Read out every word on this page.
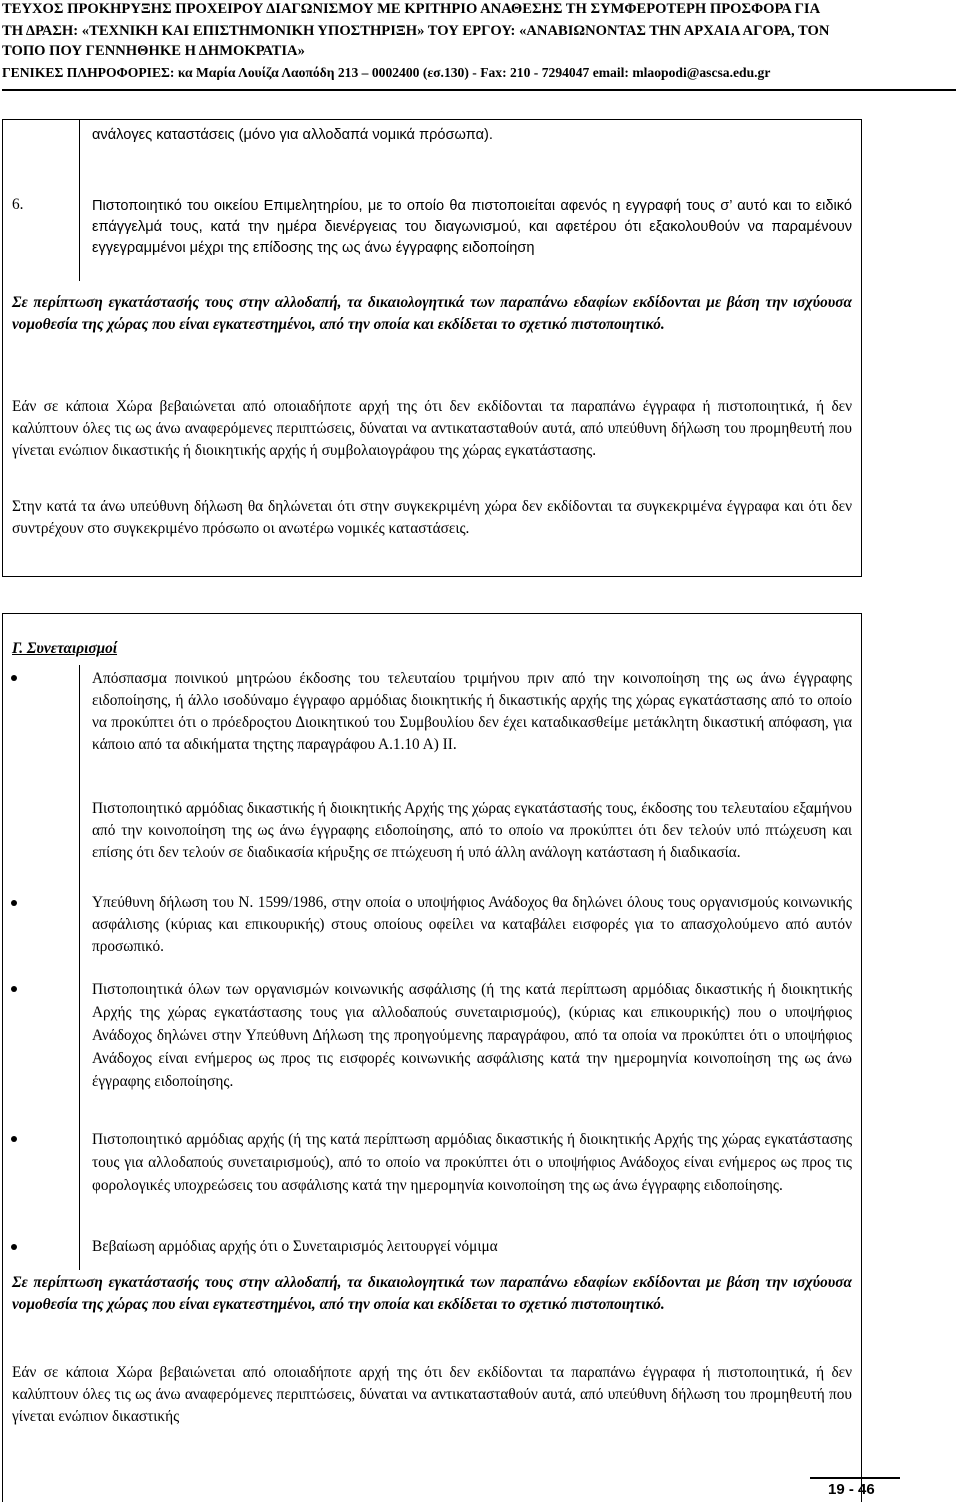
ΤΕΥΧΟΣ ΠΡΟΚΗΡΥΞΗΣ ΠΡΟΧΕΙΡΟΥ ΔΙΑΓΩΝΙΣΜΟΥ ΜΕ ΚΡΙΤΗΡΙΟ ΑΝΑΘΕΣΗΣ ΤΗ ΣΥΜΦΕΡΟΤΕΡΗ ΠΡΟΣΦΟΡΑ ΓΙΑ
ΤΗ ΔΡΑΣΗ: «ΤΕΧΝΙΚΗ ΚΑΙ ΕΠΙΣΤΗΜΟΝΙΚΗ ΥΠΟΣΤΗΡΙΞΗ» ΤΟΥ ΕΡΓΟΥ: «ΑΝΑΒΙΩΝΟΝΤΑΣ ΤΗΝ ΑΡΧΑΙΑ ΑΓΟΡΑ, ΤΟΝ
ΤΟΠΟ ΠΟΥ ΓΕΝΝΗΘΗΚΕ Η ΔΗΜΟΚΡΑΤΙΑ»
ΓΕΝΙΚΕΣ ΠΛΗΡΟΦΟΡΙΕΣ: κα Μαρία Λουίζα Λαοπόδη 213 – 0002400 (εσ.130) - Fax: 210 - 7294047 email: mlaopodi@ascsa.edu.gr
ανάλογες καταστάσεις (μόνο για αλλοδαπά νομικά πρόσωπα).
6.	Πιστοποιητικό του οικείου Επιμελητηρίου, με το οποίο θα πιστοποιείται αφενός η εγγραφή τους σ’ αυτό και το ειδικό επάγγελμά τους, κατά την ημέρα διενέργειας του διαγωνισμού, και αφετέρου ότι εξακολουθούν να παραμένουν εγγεγραμμένοι μέχρι της επίδοσης της ως άνω έγγραφης ειδοποίηση
Σε περίπτωση εγκατάστασής τους στην αλλοδαπή, τα δικαιολογητικά των παραπάνω εδαφίων εκδίδονται με βάση την ισχύουσα νομοθεσία της χώρας που είναι εγκατεστημένοι, από την οποία και εκδίδεται το σχετικό πιστοποιητικό.
Εάν σε κάποια Χώρα βεβαιώνεται από οποιαδήποτε αρχή της ότι δεν εκδίδονται τα παραπάνω έγγραφα ή πιστοποιητικά, ή δεν καλύπτουν όλες τις ως άνω αναφερόμενες περιπτώσεις, δύναται να αντικατασταθούν αυτά, από υπεύθυνη δήλωση του προμηθευτή που γίνεται ενώπιον δικαστικής ή διοικητικής αρχής ή συμβολαιογράφου της χώρας εγκατάστασης.
Στην κατά τα άνω υπεύθυνη δήλωση θα δηλώνεται ότι στην συγκεκριμένη χώρα δεν εκδίδονται τα συγκεκριμένα έγγραφα και ότι δεν συντρέχουν στο συγκεκριμένο πρόσωπο οι ανωτέρω νομικές καταστάσεις.
Γ. Συνεταιρισμοί
Απόσπασμα ποινικού μητρώου έκδοσης του τελευταίου τριμήνου πριν από την κοινοποίηση της ως άνω έγγραφης ειδοποίησης, ή άλλο ισοδύναμο έγγραφο αρμόδιας διοικητικής ή δικαστικής αρχής της χώρας εγκατάστασης από το οποίο να προκύπτει ότι ο πρόεδροςτου Διοικητικού του Συμβουλίου δεν έχει καταδικασθείμε μετάκλητη δικαστική απόφαση, για κάποιο από τα αδικήματα τηςτης παραγράφου Α.1.10 Α) ΙΙ.
Πιστοποιητικό αρμόδιας δικαστικής ή διοικητικής Αρχής της χώρας εγκατάστασής τους, έκδοσης του τελευταίου εξαμήνου από την κοινοποίηση της ως άνω έγγραφης ειδοποίησης, από το οποίο να προκύπτει ότι δεν τελούν υπό πτώχευση και επίσης ότι δεν τελούν σε διαδικασία κήρυξης σε πτώχευση ή υπό άλλη ανάλογη κατάσταση ή διαδικασία.
Υπεύθυνη δήλωση του Ν. 1599/1986, στην οποία ο υποψήφιος Ανάδοχος θα δηλώνει όλους τους οργανισμούς κοινωνικής ασφάλισης (κύριας και επικουρικής) στους οποίους οφείλει να καταβάλει εισφορές για το απασχολούμενο από αυτόν προσωπικό.
Πιστοποιητικά όλων των οργανισμών κοινωνικής ασφάλισης (ή της κατά περίπτωση αρμόδιας δικαστικής ή διοικητικής Αρχής της χώρας εγκατάστασης τους για αλλοδαπούς συνεταιρισμούς), (κύριας και επικουρικής) που ο υποψήφιος Ανάδοχος δηλώνει στην Υπεύθυνη Δήλωση της προηγούμενης παραγράφου, από τα οποία να προκύπτει ότι ο υποψήφιος Ανάδοχος είναι ενήμερος ως προς τις εισφορές κοινωνικής ασφάλισης κατά την ημερομηνία κοινοποίηση της ως άνω έγγραφης ειδοποίησης.
Πιστοποιητικό αρμόδιας αρχής (ή της κατά περίπτωση αρμόδιας δικαστικής ή διοικητικής Αρχής της χώρας εγκατάστασης τους για αλλοδαπούς συνεταιρισμούς), από το οποίο να προκύπτει ότι ο υποψήφιος Ανάδοχος είναι ενήμερος ως προς τις φορολογικές υποχρεώσεις του ασφάλισης κατά την ημερομηνία κοινοποίηση της ως άνω έγγραφης ειδοποίησης.
Βεβαίωση αρμόδιας αρχής ότι ο Συνεταιρισμός λειτουργεί νόμιμα
Σε περίπτωση εγκατάστασής τους στην αλλοδαπή, τα δικαιολογητικά των παραπάνω εδαφίων εκδίδονται με βάση την ισχύουσα νομοθεσία της χώρας που είναι εγκατεστημένοι, από την οποία και εκδίδεται το σχετικό πιστοποιητικό.
Εάν σε κάποια Χώρα βεβαιώνεται από οποιαδήποτε αρχή της ότι δεν εκδίδονται τα παραπάνω έγγραφα ή πιστοποιητικά, ή δεν καλύπτουν όλες τις ως άνω αναφερόμενες περιπτώσεις, δύναται να αντικατασταθούν αυτά, από υπεύθυνη δήλωση του προμηθευτή που γίνεται ενώπιον δικαστικής
19 - 46
